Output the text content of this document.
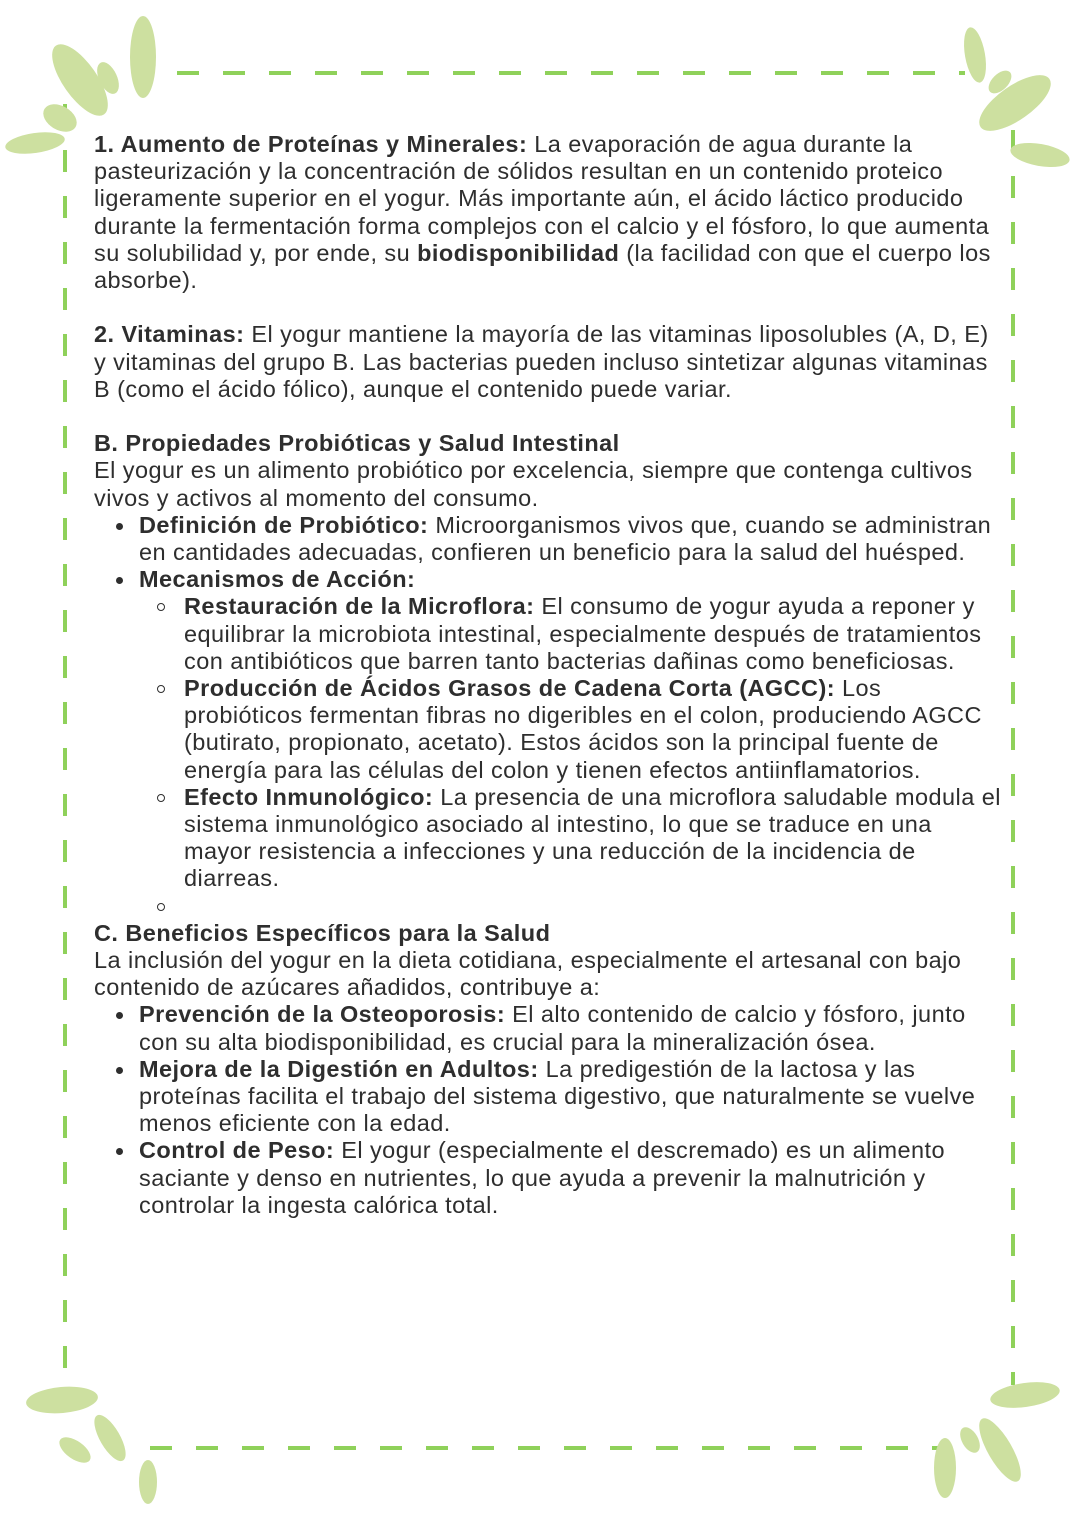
1. Aumento de Proteínas y Minerales: La evaporación de agua durante la pasteurización y la concentración de sólidos resultan en un contenido proteico ligeramente superior en el yogur. Más importante aún, el ácido láctico producido durante la fermentación forma complejos con el calcio y el fósforo, lo que aumenta su solubilidad y, por ende, su biodisponibilidad (la facilidad con que el cuerpo los absorbe).

2. Vitaminas: El yogur mantiene la mayoría de las vitaminas liposolubles (A, D, E) y vitaminas del grupo B. Las bacterias pueden incluso sintetizar algunas vitaminas B (como el ácido fólico), aunque el contenido puede variar.

B. Propiedades Probióticas y Salud Intestinal

El yogur es un alimento probiótico por excelencia, siempre que contenga cultivos vivos y activos al momento del consumo.

Definición de Probiótico: Microorganismos vivos que, cuando se administran en cantidades adecuadas, confieren un beneficio para la salud del huésped.
Mecanismos de Acción:
Restauración de la Microflora: El consumo de yogur ayuda a reponer y equilibrar la microbiota intestinal, especialmente después de tratamientos con antibióticos que barren tanto bacterias dañinas como beneficiosas.
Producción de Ácidos Grasos de Cadena Corta (AGCC): Los probióticos fermentan fibras no digeribles en el colon, produciendo AGCC (butirato, propionato, acetato). Estos ácidos son la principal fuente de energía para las células del colon y tienen efectos antiinflamatorios.
Efecto Inmunológico: La presencia de una microflora saludable modula el sistema inmunológico asociado al intestino, lo que se traduce en una mayor resistencia a infecciones y una reducción de la incidencia de diarreas.

C. Beneficios Específicos para la Salud

La inclusión del yogur en la dieta cotidiana, especialmente el artesanal con bajo contenido de azúcares añadidos, contribuye a:

Prevención de la Osteoporosis: El alto contenido de calcio y fósforo, junto con su alta biodisponibilidad, es crucial para la mineralización ósea.
Mejora de la Digestión en Adultos: La predigestión de la lactosa y las proteínas facilita el trabajo del sistema digestivo, que naturalmente se vuelve menos eficiente con la edad.
Control de Peso: El yogur (especialmente el descremado) es un alimento saciante y denso en nutrientes, lo que ayuda a prevenir la malnutrición y controlar la ingesta calórica total.
